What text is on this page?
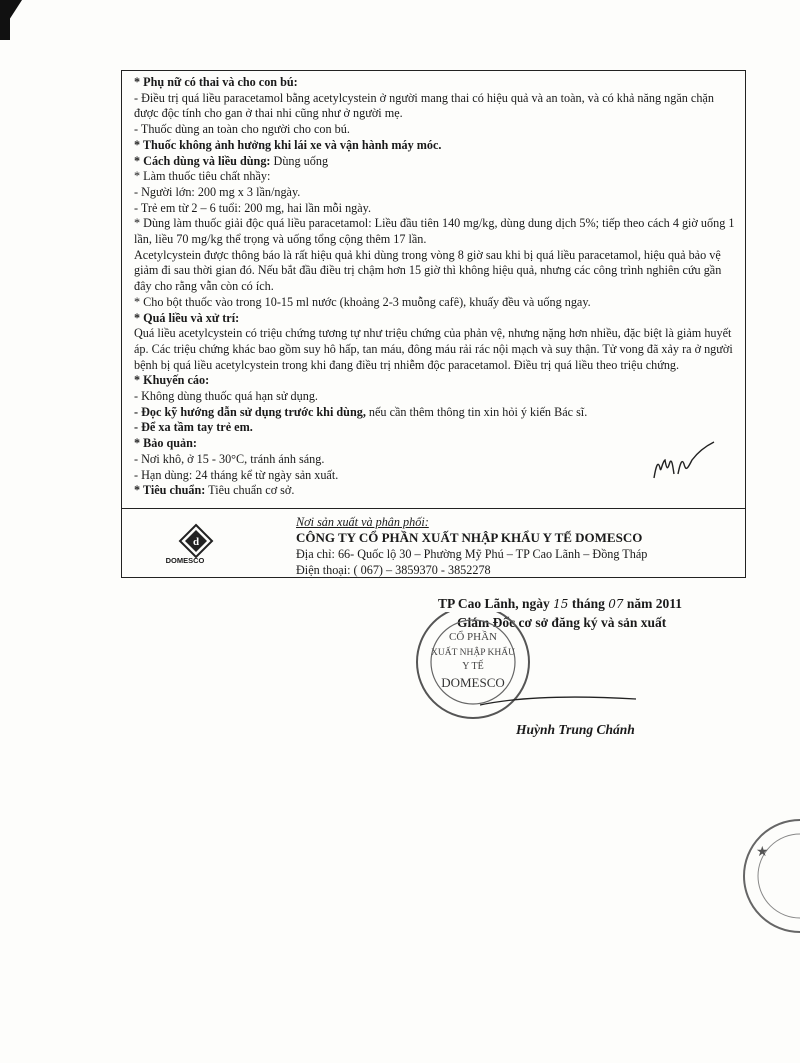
* Phụ nữ có thai và cho con bú:

- Điều trị quá liều paracetamol bằng acetylcystein ở người mang thai có hiệu quả và an toàn, và có khả năng ngăn chặn được độc tính cho gan ở thai nhi cũng như ở người mẹ.

- Thuốc dùng an toàn cho người cho con bú.

* Thuốc không ảnh hưởng khi lái xe và vận hành máy móc.

* Cách dùng và liều dùng: Dùng uống

* Làm thuốc tiêu chất nhầy:

- Người lớn: 200 mg x 3 lần/ngày.

- Trẻ em từ 2 – 6 tuổi: 200 mg, hai lần mỗi ngày.

* Dùng làm thuốc giải độc quá liều paracetamol: Liều đầu tiên 140 mg/kg, dùng dung dịch 5%; tiếp theo cách 4 giờ uống 1 lần, liều 70 mg/kg thể trọng và uống tổng cộng thêm 17 lần.

Acetylcystein được thông báo là rất hiệu quả khi dùng trong vòng 8 giờ sau khi bị quá liều paracetamol, hiệu quả bảo vệ giảm đi sau thời gian đó. Nếu bắt đầu điều trị chậm hơn 15 giờ thì không hiệu quả, nhưng các công trình nghiên cứu gần đây cho rằng vẫn còn có ích.

* Cho bột thuốc vào trong 10-15 ml nước (khoảng 2-3 muỗng cafê), khuấy đều và uống ngay.

* Quá liều và xử trí:

Quá liều acetylcystein có triệu chứng tương tự như triệu chứng của phản vệ, nhưng nặng hơn nhiều, đặc biệt là giảm huyết áp. Các triệu chứng khác bao gồm suy hô hấp, tan máu, đông máu rải rác nội mạch và suy thận. Tử vong đã xảy ra ở người bệnh bị quá liều acetylcystein trong khi đang điều trị nhiễm độc paracetamol. Điều trị quá liều theo triệu chứng.

* Khuyến cáo:

- Không dùng thuốc quá hạn sử dụng.

- Đọc kỹ hướng dẫn sử dụng trước khi dùng, nếu cần thêm thông tin xin hỏi ý kiến Bác sĩ.

- Để xa tầm tay trẻ em.

* Bảo quản:

- Nơi khô, ở 15 - 30°C, tránh ánh sáng.

- Hạn dùng: 24 tháng kể từ ngày sản xuất.

* Tiêu chuẩn: Tiêu chuẩn cơ sở.

d
DOMESCO
Nơi sản xuất và phân phối:
CÔNG TY CỔ PHẦN XUẤT NHẬP KHẨU Y TẾ DOMESCO
Địa chỉ: 66- Quốc lộ 30 – Phường Mỹ Phú – TP Cao Lãnh – Đồng Tháp
Điện thoại: ( 067) – 3859370 - 3852278
TP Cao Lãnh, ngày 15 tháng 07 năm 2011
Giám Đốc cơ sở đăng ký và sản xuất
CỔ PHẦN
XUẤT NHẬP KHẨU
Y TẾ
DOMESCO
Huỳnh Trung Chánh
★
